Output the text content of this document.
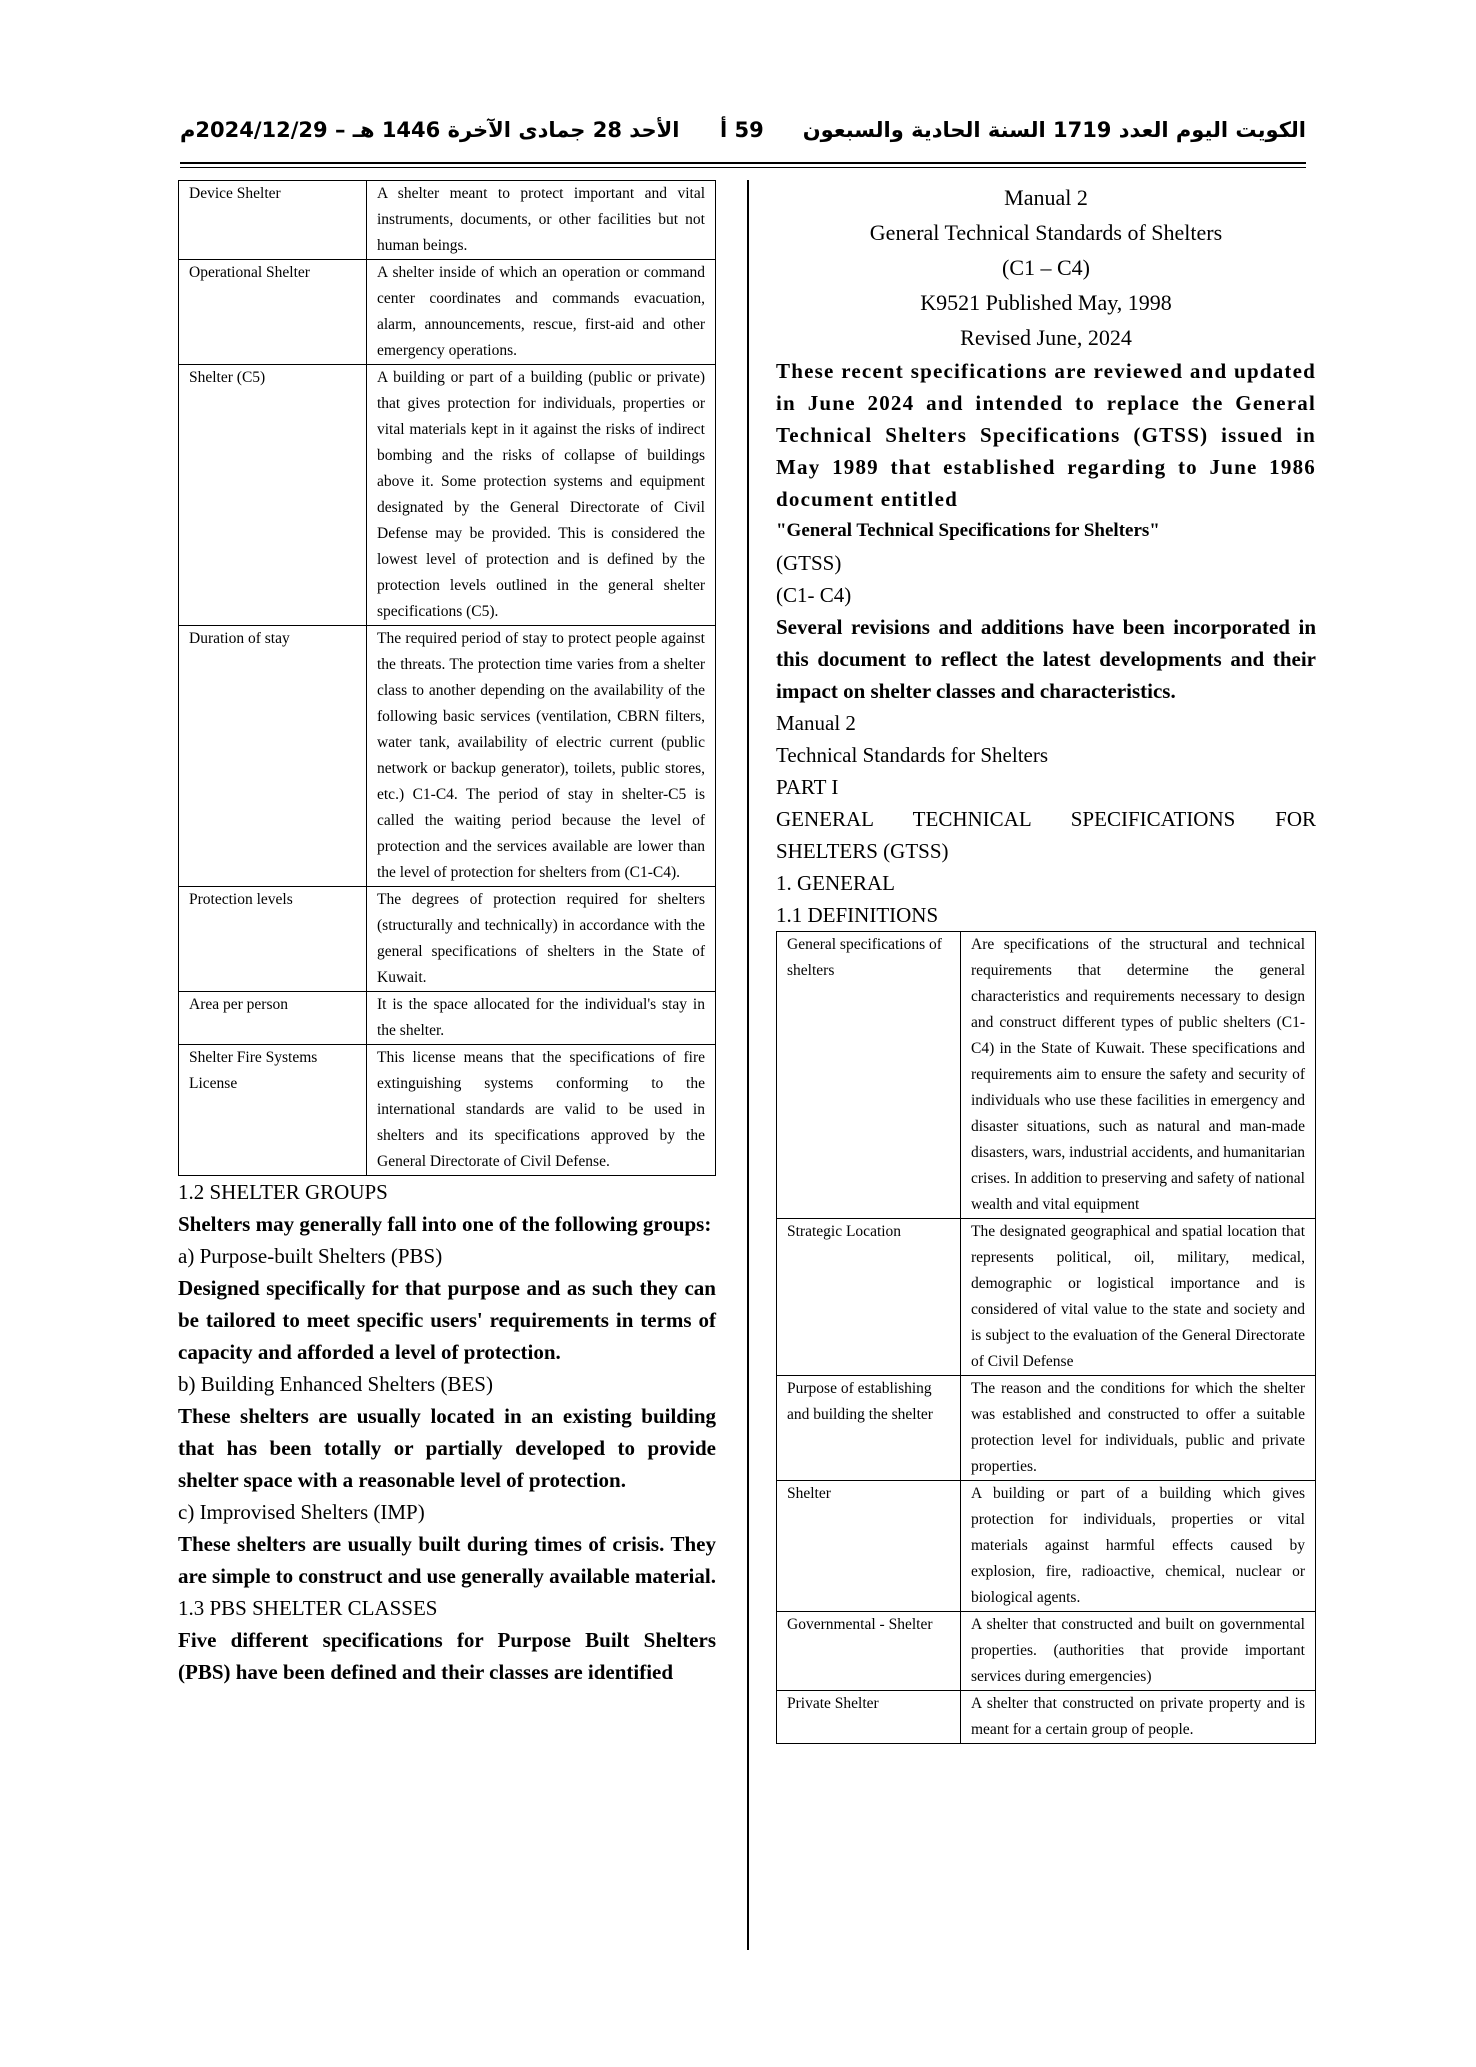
الأحد 28 جمادى الآخرة 1446 هـ – 2024/12/29م 59 أ الكويت اليوم العدد 1719 السنة الحادية والسبعون
Device Shelter	A shelter meant to protect important and vital instruments, documents, or other facilities but not human beings.
Operational Shelter	A shelter inside of which an operation or command center coordinates and commands evacuation, alarm, announcements, rescue, first-aid and other emergency operations.
Shelter (C5)	A building or part of a building (public or private) that gives protection for individuals, properties or vital materials kept in it against the risks of indirect bombing and the risks of collapse of buildings above it. Some protection systems and equipment designated by the General Directorate of Civil Defense may be provided. This is considered the lowest level of protection and is defined by the protection levels outlined in the general shelter specifications (C5).
Duration of stay	The required period of stay to protect people against the threats. The protection time varies from a shelter class to another depending on the availability of the following basic services (ventilation, CBRN filters, water tank, availability of electric current (public network or backup generator), toilets, public stores, etc.) C1-C4. The period of stay in shelter-C5 is called the waiting period because the level of protection and the services available are lower than the level of protection for shelters from (C1-C4).
Protection levels	The degrees of protection required for shelters (structurally and technically) in accordance with the general specifications of shelters in the State of Kuwait.
Area per person	It is the space allocated for the individual's stay in the shelter.
Shelter Fire Systems License	This license means that the specifications of fire extinguishing systems conforming to the international standards are valid to be used in shelters and its specifications approved by the General Directorate of Civil Defense.

1.2 SHELTER GROUPS

Shelters may generally fall into one of the following groups:

a) Purpose-built Shelters (PBS)

Designed specifically for that purpose and as such they can be tailored to meet specific users' requirements in terms of capacity and afforded a level of protection.

b) Building Enhanced Shelters (BES)

These shelters are usually located in an existing building that has been totally or partially developed to provide shelter space with a reasonable level of protection.

c) Improvised Shelters (IMP)

These shelters are usually built during times of crisis. They are simple to construct and use generally available material.

1.3 PBS SHELTER CLASSES

Five different specifications for Purpose Built Shelters (PBS) have been defined and their classes are identified

Manual 2

General Technical Standards of Shelters

(C1 – C4)

K9521 Published May, 1998

Revised June, 2024

These recent specifications are reviewed and updated in June 2024 and intended to replace the General Technical Shelters Specifications (GTSS) issued in May 1989 that established regarding to June 1986 document entitled

"General Technical Specifications for Shelters"

(GTSS)

(C1- C4)

Several revisions and additions have been incorporated in this document to reflect the latest developments and their impact on shelter classes and characteristics.

Manual 2

Technical Standards for Shelters

PART I

GENERAL TECHNICAL SPECIFICATIONS FOR SHELTERS (GTSS)

1. GENERAL

1.1 DEFINITIONS

General specifications of shelters	Are specifications of the structural and technical requirements that determine the general characteristics and requirements necessary to design and construct different types of public shelters (C1-C4) in the State of Kuwait. These specifications and requirements aim to ensure the safety and security of individuals who use these facilities in emergency and disaster situations, such as natural and man-made disasters, wars, industrial accidents, and humanitarian crises. In addition to preserving and safety of national wealth and vital equipment
Strategic Location	The designated geographical and spatial location that represents political, oil, military, medical, demographic or logistical importance and is considered of vital value to the state and society and is subject to the evaluation of the General Directorate of Civil Defense
Purpose of establishing and building the shelter	The reason and the conditions for which the shelter was established and constructed to offer a suitable protection level for individuals, public and private properties.
Shelter	A building or part of a building which gives protection for individuals, properties or vital materials against harmful effects caused by explosion, fire, radioactive, chemical, nuclear or biological agents.
Governmental - Shelter	A shelter that constructed and built on governmental properties. (authorities that provide important services during emergencies)
Private Shelter	A shelter that constructed on private property and is meant for a certain group of people.
